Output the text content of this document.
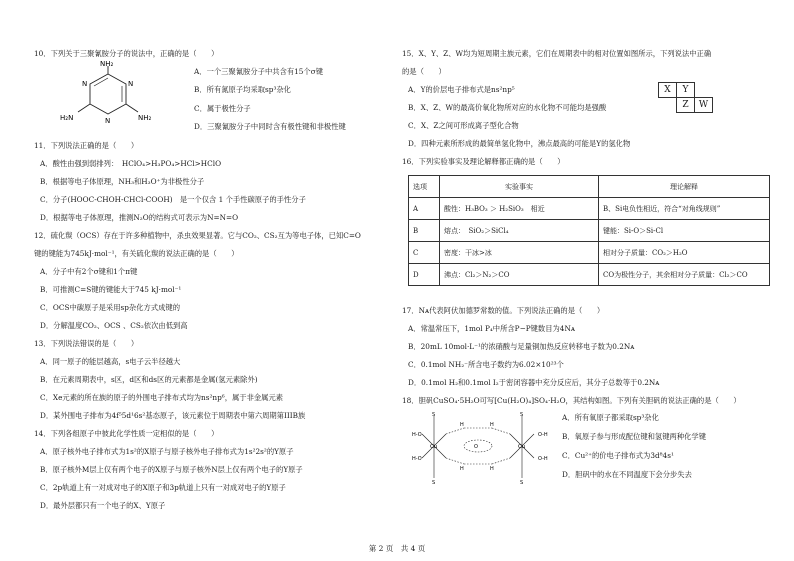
10．下列关于三聚氰胺分子的说法中，正确的是（　　）
NH₂
NH₂
H₂N
N
N
N
A．一个三聚氰胺分子中共含有15个σ键
B．所有氮原子均采取sp³杂化
C．属于极性分子
D．三聚氰胺分子中同时含有极性键和非极性键
11．下列说法正确的是（　　）
A．酸性由强到弱排列：　HClO₄>H₃PO₄>HCl>HClO
B．根据等电子体原理，NH₃和H₃O⁺为非极性分子
C．分子(HOOC-CHOH-CHCl-COOH)　是一个仅含 1 个手性碳原子的手性分子
D．根据等电子体原理，推测N₂O的结构式可表示为N=N=O
12．硫化羰（OCS）存在于许多种植物中，杀虫效果显著。它与CO₂、CS₂互为等电子体，已知C=O
键的键能为745kJ·mol⁻¹，有关硫化羰的说法正确的是（　　）
A．分子中有2个σ键和1个π键
B．可推测C=S键的键能大于745 kJ·mol⁻¹
C．OCS中碳原子是采用sp杂化方式成键的
D．分解温度CO₂、OCS 、CS₂依次由低到高
13．下列说法错误的是（　　）
A．同一原子的能层越高，s电子云半径越大
B．在元素周期表中，s区，d区和ds区的元素都是金属(氢元素除外)
C．Xe元素的所在族的原子的外围电子排布式均为ns²np⁶，属于非金属元素
D．某外围电子排布为4f⁵5d¹6s²基态原子，该元素位于周期表中第六周期第IIIB族
14．下列各组原子中彼此化学性质一定相似的是（　　）
A．原子核外电子排布式为1s²的X原子与原子核外电子排布式为1s²2s²的Y原子
B．原子核外M层上仅有两个电子的X原子与原子核外N层上仅有两个电子的Y原子
C．2p轨道上有一对成对电子的X原子和3p轨道上只有一对成对电子的Y原子
D．最外层都只有一个电子的X、Y原子
15．X、Y、Z、W均为短周期主族元素，它们在周期表中的相对位置如图所示，下列说法中正确
的是（　　）
X	Y	
	Z	W
A．Y的价层电子排布式是ns²np⁵
B．X、Z、W的最高价氧化物所对应的水化物不可能均是强酸
C．X、Z之间可形成离子型化合物
D．四种元素所形成的最简单氢化物中，沸点最高的可能是Y的氢化物
16．下列实验事实及理论解释都正确的是（　　）
选项	实验事实	理论解释
A	酸性：H₃BO₃ ＞ H₂SiO₃　相近	B、Si电负性相近，符合“对角线规则”
B	熔点：　SiO₂＞SiCl₄	键能：Si-O＞Si-Cl
C	密度：干冰>冰	相对分子质量：CO₂＞H₂O
D	沸点：Cl₂＞N₂＞CO	CO为极性分子，其余相对分子质量：Cl₂＞CO
17．Nᴀ代表阿伏加德罗常数的值。下列说法正确的是（　　）
A．常温常压下，1mol P₄中所含P−P键数目为4Nᴀ
B．20mL 10mol·L⁻¹的浓硝酸与足量铜加热反应转移电子数为0.2Nᴀ
C．0.1mol NH₂⁻所含电子数约为6.02×10²³个
D．0.1mol H₂和0.1mol I₂于密闭容器中充分反应后，其分子总数等于0.2Nᴀ
18．胆矾CuSO₄·5H₂O可写[Cu(H₂O)₄]SO₄·H₂O，其结构如图。下列有关胆矾的说法正确的是（　　）
Cu	Cu
S	S
S	S
H-O
H-O
O-H
O-H
O
H	H
H	H
A．所有氧原子都采取sp³杂化
B．氧原子参与形成配位键和氢键两种化学键
C．Cu²⁺的价电子排布式为3d⁸4s¹
D．胆矾中的水在不同温度下会分步失去
第 2 页　共 4 页
